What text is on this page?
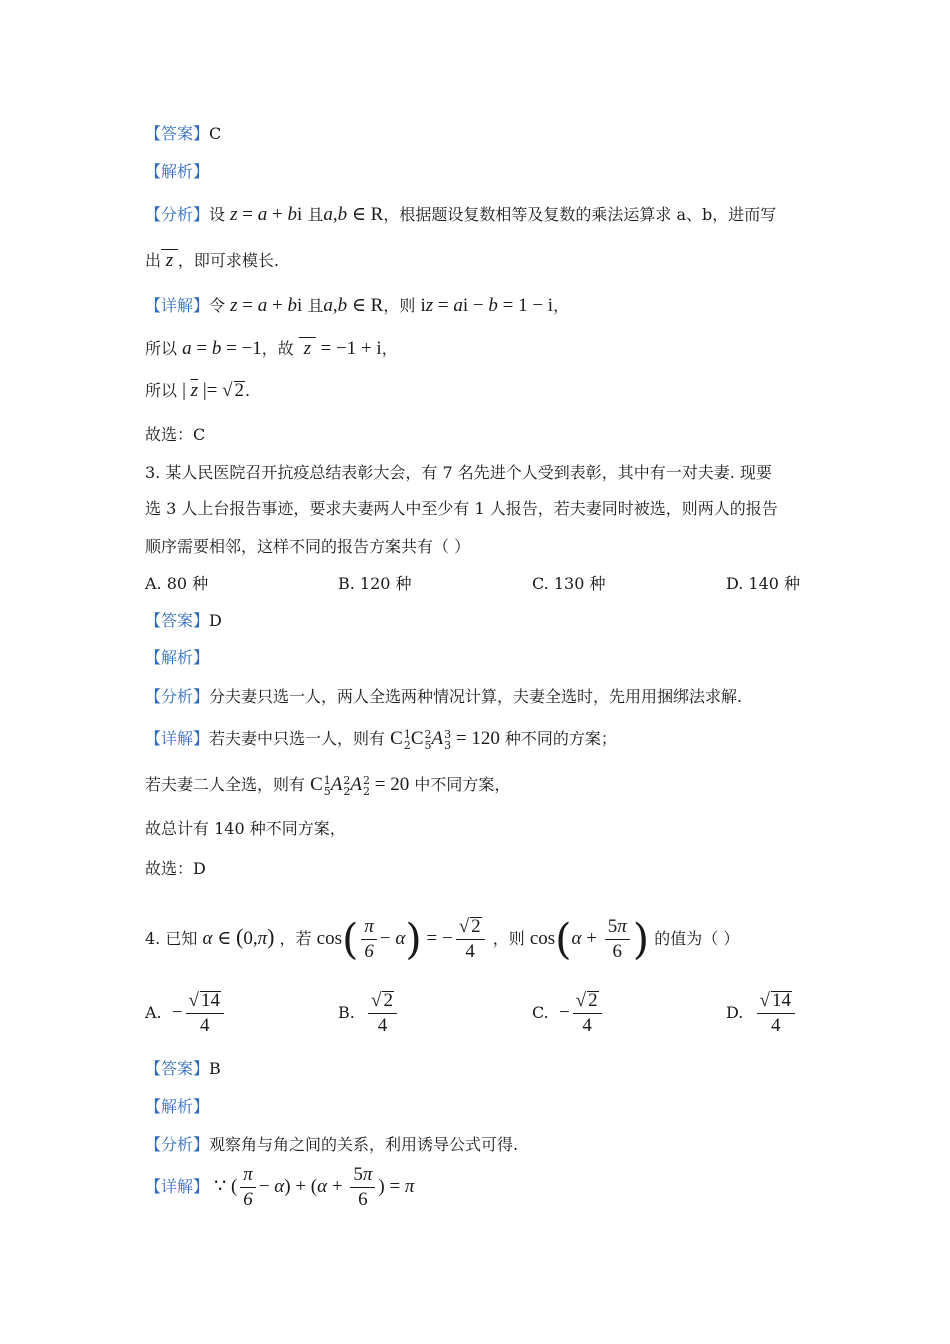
【答案】C
【解析】
【分析】设 z = a + bi 且a,b ∈ R，根据题设复数相等及复数的乘法运算求 a、b，进而写
出 z ，即可求模长.
【详解】令 z = a + bi 且a,b ∈ R，则 iz = ai − b = 1 − i，
所以 a = b = −1，故  z  = −1 + i，
所以 | $\overline{z}$ |= √ 2.
故选：C
3. 某人民医院召开抗疫总结表彰大会，有 7 名先进个人受到表彰，其中有一对夫妻. 现要
选 3 人上台报告事迹，要求夫妻两人中至少有 1 人报告，若夫妻同时被选，则两人的报告
顺序需要相邻，这样不同的报告方案共有（ ）
A. 80 种	B. 120 种	C. 130 种	D. 140 种
【答案】D
【解析】
【分析】分夫妻只选一人，两人全选两种情况计算，夫妻全选时，先用用捆绑法求解.
【详解】若夫妻中只选一人，则有 C 1
2 C 2
5 A 3
3 = 120 种不同的方案；
若夫妻二人全选，则有 C 1
5 A 2
2 A 2
2 = 20 中不同方案，
故总计有 140 种不同方案，
故选：D
4. 已知 α ∈ (0,π) ，若 $\cos( \frac{\pi}{6} - \alpha)$ = − $\frac{√ 2}{4}$ ，则 $\cos(\alpha + \frac{5\pi}{6}$ ) 的值为（ ）
A. − $\frac{√ 14}{4}$	B. $\frac{√ 2}{4}$	C. − $\frac{√ 2}{4}$	D. $\frac{√ 14}{4}$
【答案】B
【解析】
【分析】观察角与角之间的关系，利用诱导公式可得.
【详解】 ∵ ( $\frac{\pi}{6} - \alpha) + (\alpha + \frac{5\pi}{6}$ ) = π
